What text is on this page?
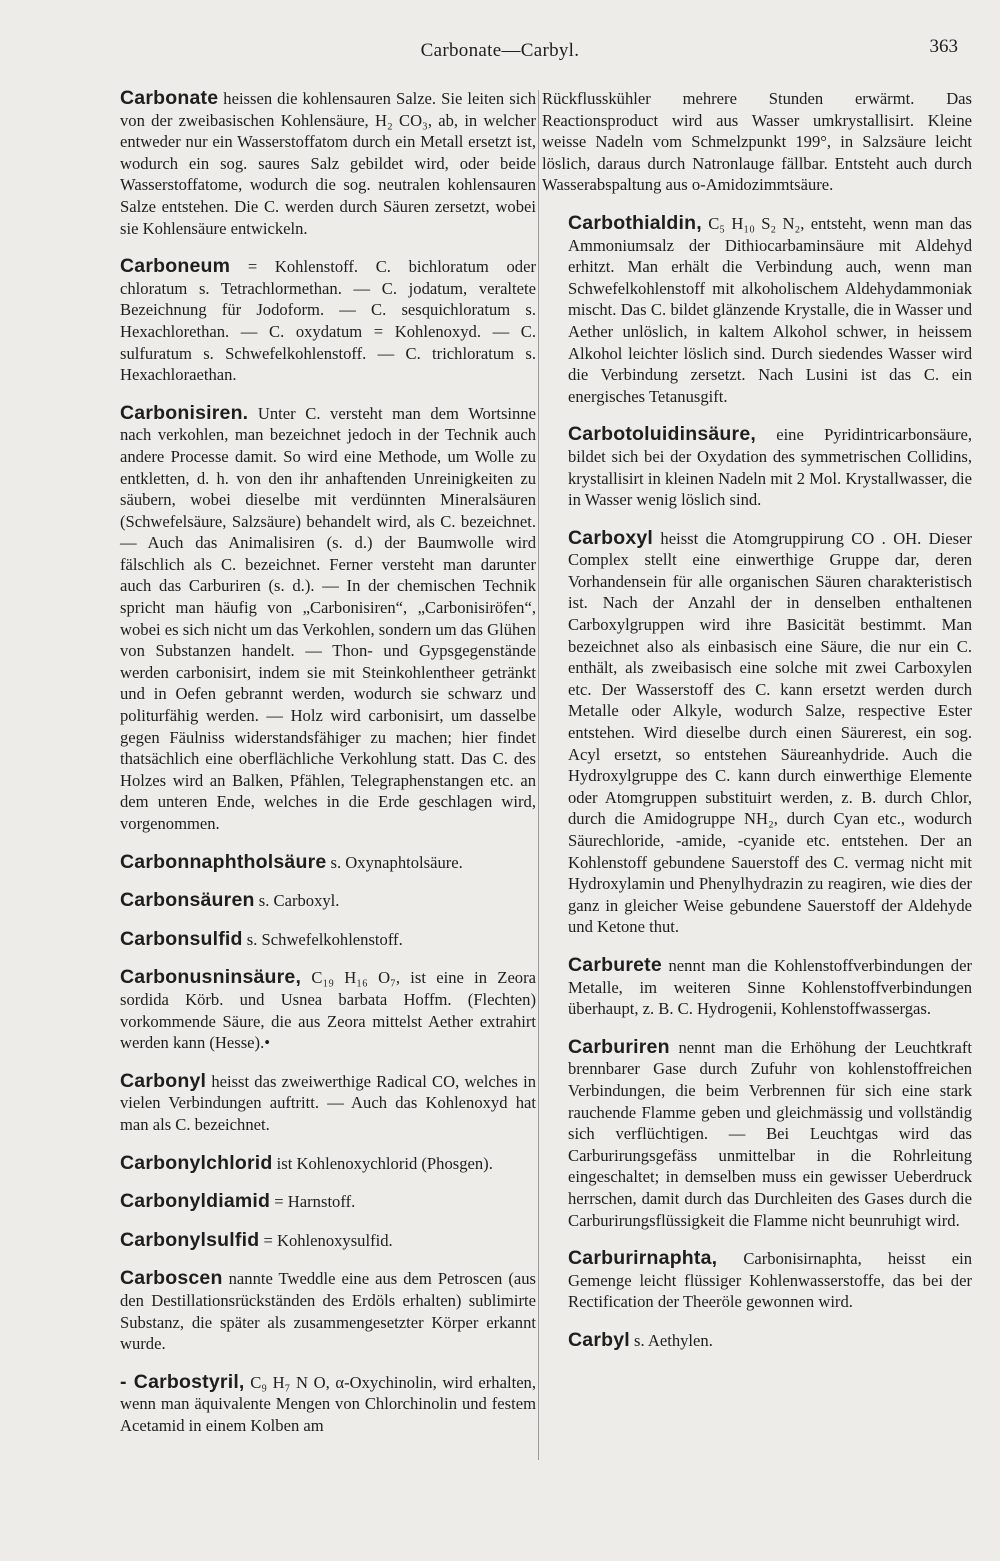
Carbonate—Carbyl.	363

Carbonate heissen die kohlensauren Salze. Sie leiten sich von der zweibasischen Kohlensäure, H₂ CO₃, ab, in welcher entweder nur ein Wasserstoffatom durch ein Metall ersetzt ist, wodurch ein sog. saures Salz gebildet wird, oder beide Wasserstoffatome, wodurch die sog. neutralen kohlensauren Salze entstehen. Die C. werden durch Säuren zersetzt, wobei sie Kohlensäure entwickeln.

Carboneum = Kohlenstoff. C. bichloratum oder chloratum s. Tetrachlormethan. — C. jodatum, veraltete Bezeichnung für Jodoform. — C. sesquichloratum s. Hexachlorethan. — C. oxydatum = Kohlenoxyd. — C. sulfuratum s. Schwefelkohlenstoff. — C. trichloratum s. Hexachloraethan.

Carbonisiren. Unter C. versteht man dem Wortsinne nach verkohlen, man bezeichnet jedoch in der Technik auch andere Processe damit. So wird eine Methode, um Wolle zu entkletten, d. h. von den ihr anhaftenden Unreinigkeiten zu säubern, wobei dieselbe mit verdünnten Mineralsäuren (Schwefelsäure, Salzsäure) behandelt wird, als C. bezeichnet. — Auch das Animalisiren (s. d.) der Baumwolle wird fälschlich als C. bezeichnet. Ferner versteht man darunter auch das Carburiren (s. d.). — In der chemischen Technik spricht man häufig von „Carbonisiren“, „Carbonisiröfen“, wobei es sich nicht um das Verkohlen, sondern um das Glühen von Substanzen handelt. — Thon- und Gypsgegenstände werden carbonisirt, indem sie mit Steinkohlentheer getränkt und in Oefen gebrannt werden, wodurch sie schwarz und politurfähig werden. — Holz wird carbonisirt, um dasselbe gegen Fäulniss widerstandsfähiger zu machen; hier findet thatsächlich eine oberflächliche Verkohlung statt. Das C. des Holzes wird an Balken, Pfählen, Telegraphenstangen etc. an dem unteren Ende, welches in die Erde geschlagen wird, vorgenommen.

Carbonnaphtholsäure s. Oxynaphtolsäure.

Carbonsäuren s. Carboxyl.

Carbonsulfid s. Schwefelkohlenstoff.

Carbonusninsäure, C₁₉ H₁₆ O₇, ist eine in Zeora sordida Körb. und Usnea barbata Hoffm. (Flechten) vorkommende Säure, die aus Zeora mittelst Aether extrahirt werden kann (Hesse).•

Carbonyl heisst das zweiwerthige Radical CO, welches in vielen Verbindungen auftritt. — Auch das Kohlenoxyd hat man als C. bezeichnet.

Carbonylchlorid ist Kohlenoxychlorid (Phosgen).

Carbonyldiamid = Harnstoff.

Carbonylsulfid = Kohlenoxysulfid.

Carboscen nannte Tweddle eine aus dem Petroscen (aus den Destillationsrückständen des Erdöls erhalten) sublimirte Substanz, die später als zusammengesetzter Körper erkannt wurde.

- Carbostyril, C₉ H₇ N O, α-Oxychinolin, wird erhalten, wenn man äquivalente Mengen von Chlorchinolin und festem Acetamid in einem Kolben am

Rückflusskühler mehrere Stunden erwärmt. Das Reactionsproduct wird aus Wasser umkrystallisirt. Kleine weisse Nadeln vom Schmelzpunkt 199°, in Salzsäure leicht löslich, daraus durch Natronlauge fällbar. Entsteht auch durch Wasserabspaltung aus o-Amidozimmtsäure.

Carbothialdin, C₅ H₁₀ S₂ N₂, entsteht, wenn man das Ammoniumsalz der Dithiocarbaminsäure mit Aldehyd erhitzt. Man erhält die Verbindung auch, wenn man Schwefelkohlenstoff mit alkoholischem Aldehydammoniak mischt. Das C. bildet glänzende Krystalle, die in Wasser und Aether unlöslich, in kaltem Alkohol schwer, in heissem Alkohol leichter löslich sind. Durch siedendes Wasser wird die Verbindung zersetzt. Nach Lusini ist das C. ein energisches Tetanusgift.

Carbotoluidinsäure, eine Pyridintricarbonsäure, bildet sich bei der Oxydation des symmetrischen Collidins, krystallisirt in kleinen Nadeln mit 2 Mol. Krystallwasser, die in Wasser wenig löslich sind.

Carboxyl heisst die Atomgruppirung CO . OH. Dieser Complex stellt eine einwerthige Gruppe dar, deren Vorhandensein für alle organischen Säuren charakteristisch ist. Nach der Anzahl der in denselben enthaltenen Carboxylgruppen wird ihre Basicität bestimmt. Man bezeichnet also als einbasisch eine Säure, die nur ein C. enthält, als zweibasisch eine solche mit zwei Carboxylen etc. Der Wasserstoff des C. kann ersetzt werden durch Metalle oder Alkyle, wodurch Salze, respective Ester entstehen. Wird dieselbe durch einen Säurerest, ein sog. Acyl ersetzt, so entstehen Säureanhydride. Auch die Hydroxylgruppe des C. kann durch einwerthige Elemente oder Atomgruppen substituirt werden, z. B. durch Chlor, durch die Amidogruppe NH₂, durch Cyan etc., wodurch Säurechloride, -amide, -cyanide etc. entstehen. Der an Kohlenstoff gebundene Sauerstoff des C. vermag nicht mit Hydroxylamin und Phenylhydrazin zu reagiren, wie dies der ganz in gleicher Weise gebundene Sauerstoff der Aldehyde und Ketone thut.

Carburete nennt man die Kohlenstoffverbindungen der Metalle, im weiteren Sinne Kohlenstoffverbindungen überhaupt, z. B. C. Hydrogenii, Kohlenstoffwassergas.

Carburiren nennt man die Erhöhung der Leuchtkraft brennbarer Gase durch Zufuhr von kohlenstoffreichen Verbindungen, die beim Verbrennen für sich eine stark rauchende Flamme geben und gleichmässig und vollständig sich verflüchtigen. — Bei Leuchtgas wird das Carburirungsgefäss unmittelbar in die Rohrleitung eingeschaltet; in demselben muss ein gewisser Ueberdruck herrschen, damit durch das Durchleiten des Gases durch die Carburirungsflüssigkeit die Flamme nicht beunruhigt wird.

Carburirnaphta, Carbonisirnaphta, heisst ein Gemenge leicht flüssiger Kohlenwasserstoffe, das bei der Rectification der Theeröle gewonnen wird.

Carbyl s. Aethylen.
